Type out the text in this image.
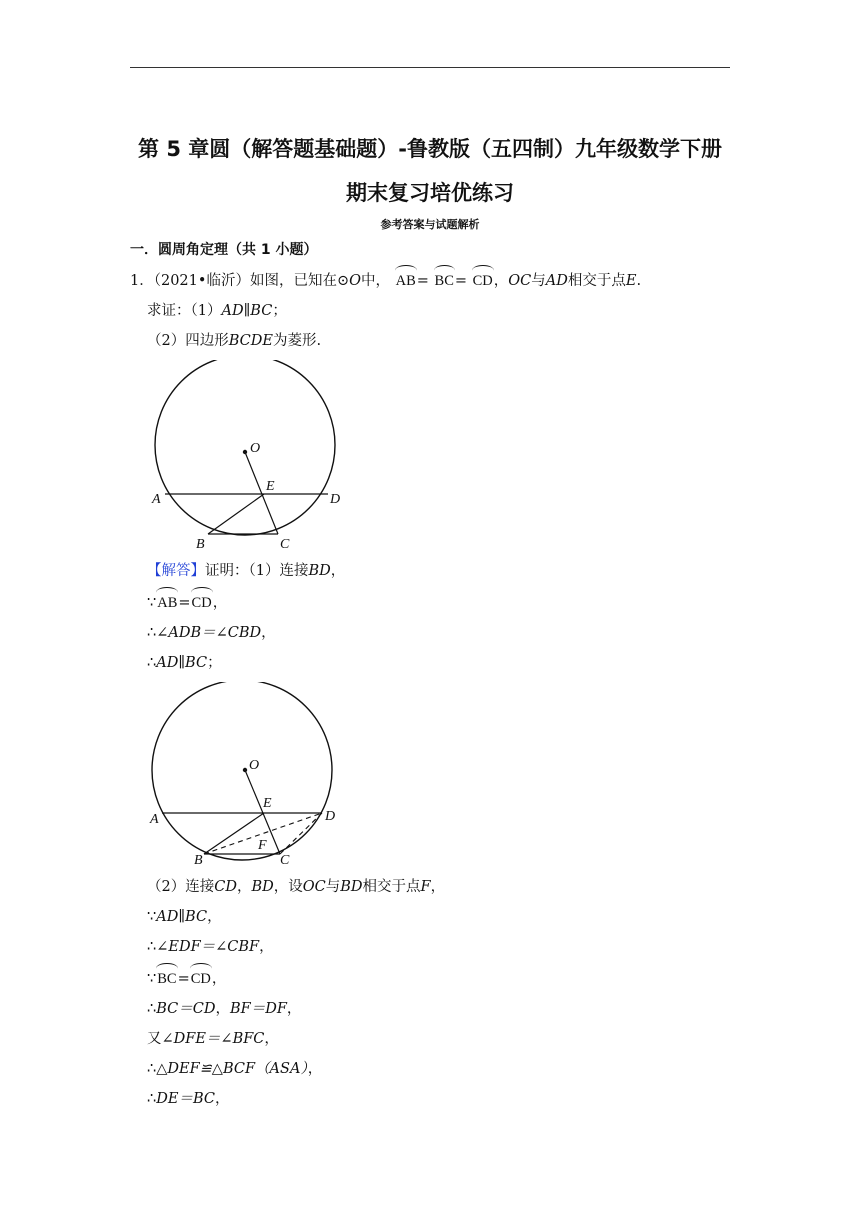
第 5 章圆（解答题基础题）-鲁教版（五四制）九年级数学下册
期末复习培优练习
参考答案与试题解析
一．圆周角定理（共 1 小题）
1．（2021•临沂）如图，已知在⊙O中， AB= BC= CD，OC与AD相交于点E.
求证：（1）AD∥BC；
（2）四边形BCDE为菱形.
O
E
A	D
B	C
【解答】证明：（1）连接BD，
∵AB=CD，
∴∠ADB＝∠CBD，
∴AD∥BC；
O
E
A	D
F
B	C
（2）连接CD，BD，设OC与BD相交于点F，
∵AD∥BC，
∴∠EDF＝∠CBF，
∵BC=CD，
∴BC＝CD，BF＝DF，
又∠DFE＝∠BFC，
∴△DEF≌△BCF（ASA），
∴DE＝BC，
